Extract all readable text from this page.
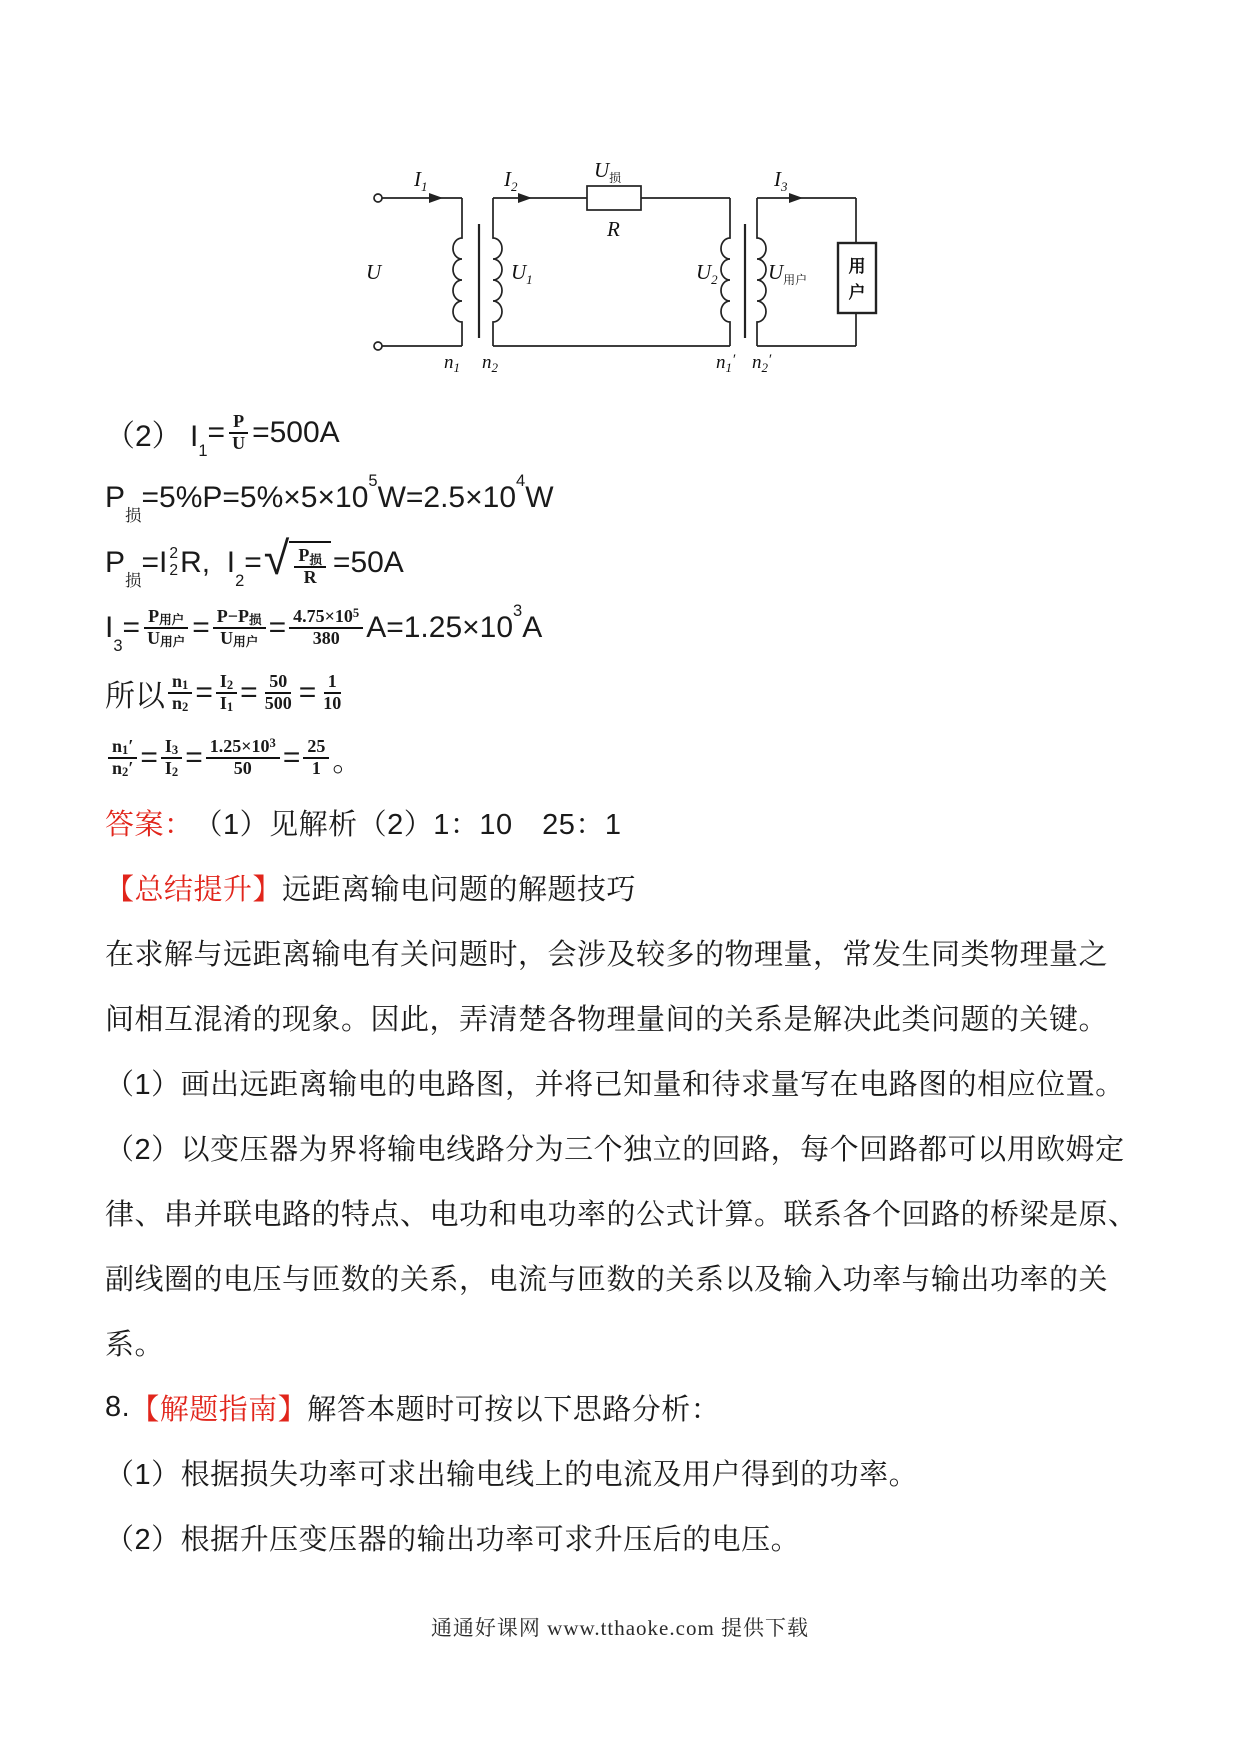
$I_1$	$I_2$	$I_3$
U	$U_1$	$U_2$
$U_损$
R
$U_{用户}$
$n_1$ $n_2$	$n_1'$ $n_2'$
用
户
（2） I 1
= $\frac{P}{U} =500A$
P
损
=5%P=5%×5×10 5 W=2.5×10 4 W
P
损
=I 2
2 R,  I
2
= √ $\frac{\text{P损}}{R} =50A$
I
3
= $\frac{\text{P用户}}{\text{U用户}} = \frac{\text{P−P损}}{\text{U用户}} = \frac{4.75\times 10^5}{380} A=1.25\times 10$ 3 A
所以 $\frac{n1}{n2} = \frac{I2}{I1} = \frac{50}{500} = \frac{1}{10}$
$\frac{n1'}{n2'} = \frac{I3}{I2} = \frac{1.25\times 10^3}{50} = \frac{25}{1}$ 。
答案： （1）见解析（2）1：10　25：1
【总结提升】 远距离输电问题的解题技巧
在求解与远距离输电有关问题时，会涉及较多的物理量，常发生同类物理量之
间相互混淆的现象。因此，弄清楚各物理量间的关系是解决此类问题的关键。
（1）画出远距离输电的电路图，并将已知量和待求量写在电路图的相应位置。
（2）以变压器为界将输电线路分为三个独立的回路，每个回路都可以用欧姆定
律、串并联电路的特点、电功和电功率的公式计算。联系各个回路的桥梁是原、
副线圈的电压与匝数的关系，电流与匝数的关系以及输入功率与输出功率的关
系。
8. 【解题指南】 解答本题时可按以下思路分析：
（1）根据损失功率可求出输电线上的电流及用户得到的功率。
（2）根据升压变压器的输出功率可求升压后的电压。
通通好课网 www.tthaoke.com 提供下载
